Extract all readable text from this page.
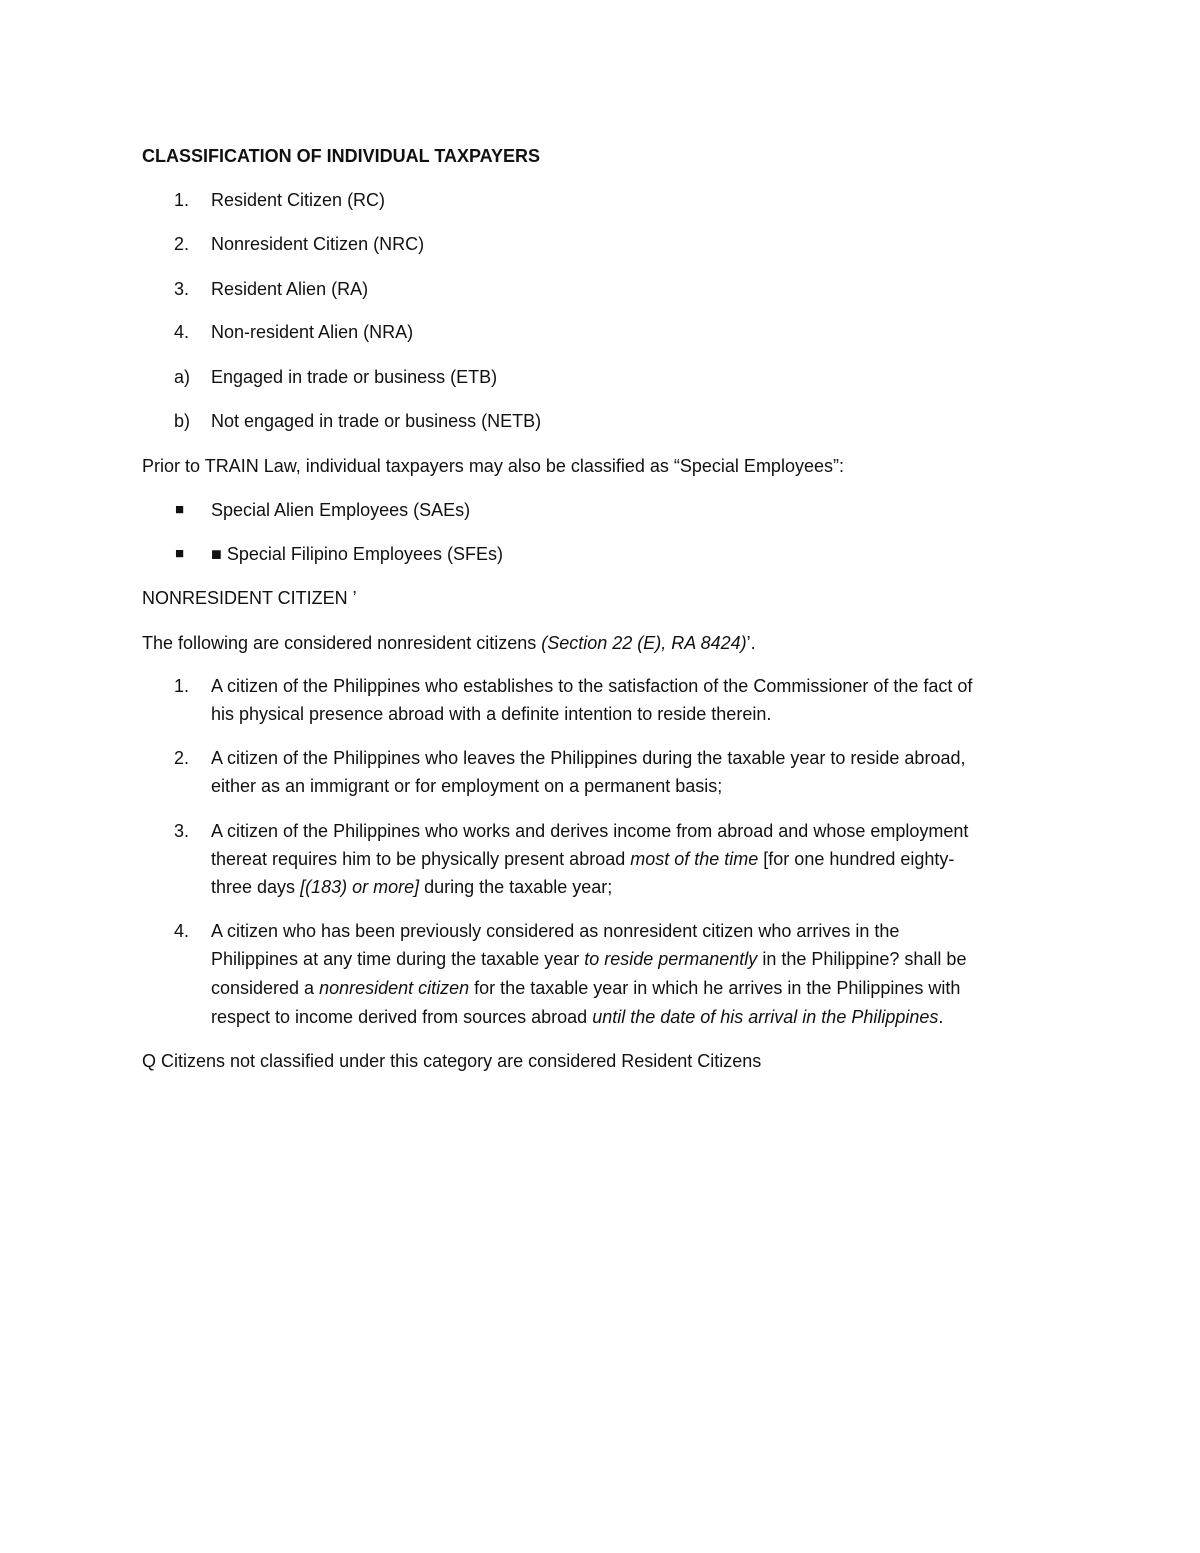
CLASSIFICATION OF INDIVIDUAL TAXPAYERS
1. Resident Citizen (RC)
2. Nonresident Citizen (NRC)
3. Resident Alien (RA)
4. Non-resident Alien (NRA)
a) Engaged in trade or business (ETB)
b) Not engaged in trade or business (NETB)
Prior to TRAIN Law, individual taxpayers may also be classified as “Special Employees”:
■ Special Alien Employees (SAEs)
■ ■ Special Filipino Employees (SFEs)
NONRESIDENT CITIZEN ’
The following are considered nonresident citizens (Section 22 (E), RA 8424)’.
1. A citizen of the Philippines who establishes to the satisfaction of the Commissioner of the fact of
his physical presence abroad with a definite intention to reside therein.
2. A citizen of the Philippines who leaves the Philippines during the taxable year to reside abroad,
either as an immigrant or for employment on a permanent basis;
3. A citizen of the Philippines who works and derives income from abroad and whose employment
thereat requires him to be physically present abroad most of the time [for one hundred eighty-
three days [(183) or more] during the taxable year;
4. A citizen who has been previously considered as nonresident citizen who arrives in the
Philippines at any time during the taxable year to reside permanently in the Philippine? shall be
considered a nonresident citizen for the taxable year in which he arrives in the Philippines with
respect to income derived from sources abroad until the date of his arrival in the Philippines.
Q Citizens not classified under this category are considered Resident Citizens
